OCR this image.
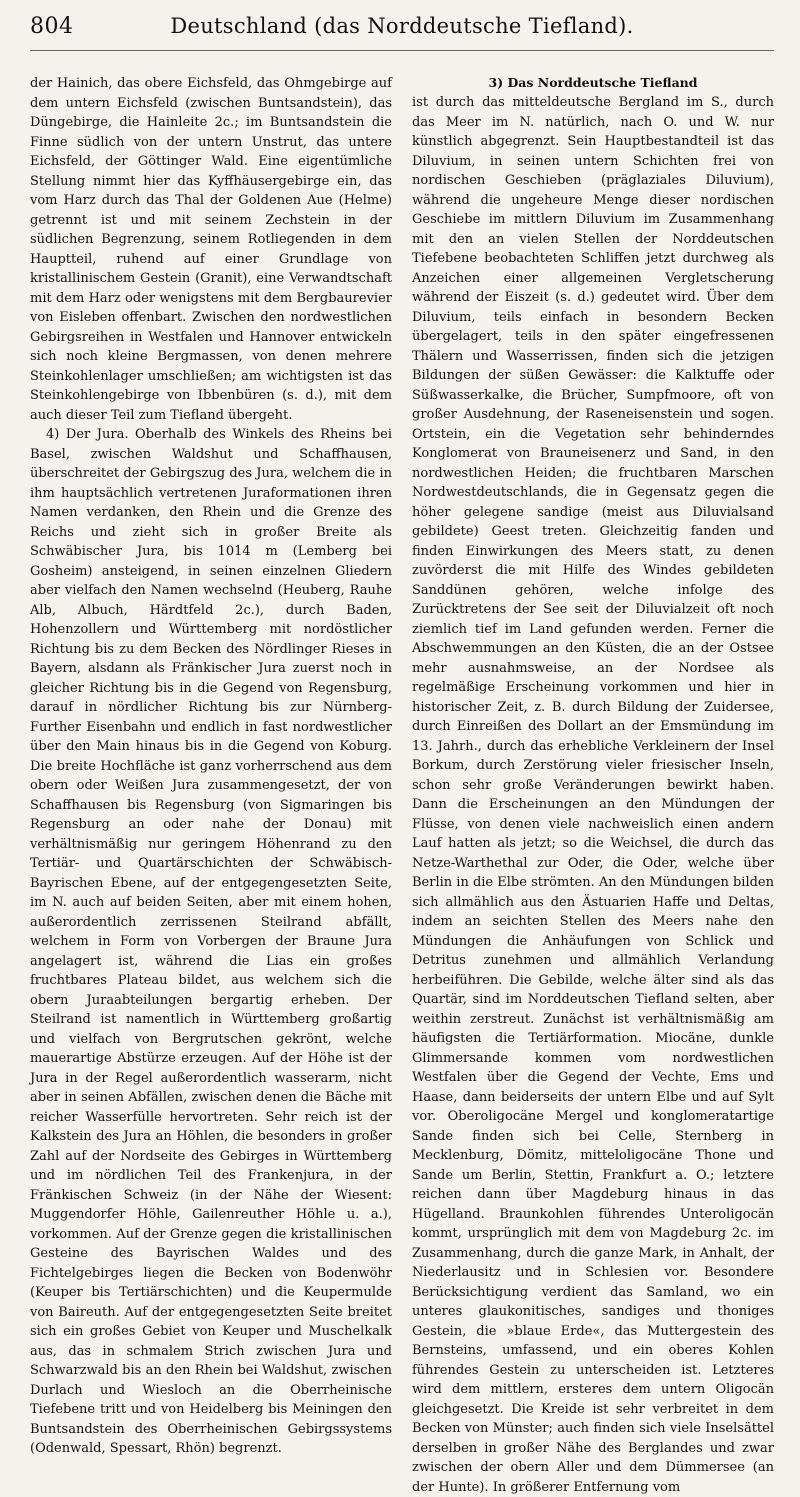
804	Deutschland (das Norddeutsche Tiefland).

der Hainich, das obere Eichsfeld, das Ohmgebirge auf dem untern Eichsfeld (zwischen Buntsandstein), das Düngebirge, die Hainleite 2c.; im Buntsandstein die Finne südlich von der untern Unstrut, das untere Eichsfeld, der Göttinger Wald. Eine eigentümliche Stellung nimmt hier das Kyffhäusergebirge ein, das vom Harz durch das Thal der Goldenen Aue (Helme) getrennt ist und mit seinem Zechstein in der südlichen Begrenzung, seinem Rotliegenden in dem Hauptteil, ruhend auf einer Grundlage von kristallinischem Gestein (Granit), eine Verwandtschaft mit dem Harz oder wenigstens mit dem Bergbaurevier von Eisleben offenbart. Zwischen den nordwestlichen Gebirgsreihen in Westfalen und Hannover entwickeln sich noch kleine Bergmassen, von denen mehrere Steinkohlenlager umschließen; am wichtigsten ist das Steinkohlengebirge von Ibbenbüren (s. d.), mit dem auch dieser Teil zum Tiefland übergeht.

4) Der Jura. Oberhalb des Winkels des Rheins bei Basel, zwischen Waldshut und Schaffhausen, überschreitet der Gebirgszug des Jura, welchem die in ihm hauptsächlich vertretenen Juraformationen ihren Namen verdanken, den Rhein und die Grenze des Reichs und zieht sich in großer Breite als Schwäbischer Jura, bis 1014 m (Lemberg bei Gosheim) ansteigend, in seinen einzelnen Gliedern aber vielfach den Namen wechselnd (Heuberg, Rauhe Alb, Albuch, Härdtfeld 2c.), durch Baden, Hohenzollern und Württemberg mit nordöstlicher Richtung bis zu dem Becken des Nördlinger Rieses in Bayern, alsdann als Fränkischer Jura zuerst noch in gleicher Richtung bis in die Gegend von Regensburg, darauf in nördlicher Richtung bis zur Nürnberg-Further Eisenbahn und endlich in fast nordwestlicher über den Main hinaus bis in die Gegend von Koburg. Die breite Hochfläche ist ganz vorherrschend aus dem obern oder Weißen Jura zusammengesetzt, der von Schaffhausen bis Regensburg (von Sigmaringen bis Regensburg an oder nahe der Donau) mit verhältnismäßig nur geringem Höhenrand zu den Tertiär- und Quartärschichten der Schwäbisch-Bayrischen Ebene, auf der entgegengesetzten Seite, im N. auch auf beiden Seiten, aber mit einem hohen, außerordentlich zerrissenen Steilrand abfällt, welchem in Form von Vorbergen der Braune Jura angelagert ist, während die Lias ein großes fruchtbares Plateau bildet, aus welchem sich die obern Juraabteilungen bergartig erheben. Der Steilrand ist namentlich in Württemberg großartig und vielfach von Bergrutschen gekrönt, welche mauerartige Abstürze erzeugen. Auf der Höhe ist der Jura in der Regel außerordentlich wasserarm, nicht aber in seinen Abfällen, zwischen denen die Bäche mit reicher Wasserfülle hervortreten. Sehr reich ist der Kalkstein des Jura an Höhlen, die besonders in großer Zahl auf der Nordseite des Gebirges in Württemberg und im nördlichen Teil des Frankenjura, in der Fränkischen Schweiz (in der Nähe der Wiesent: Muggendorfer Höhle, Gailenreuther Höhle u. a.), vorkommen. Auf der Grenze gegen die kristallinischen Gesteine des Bayrischen Waldes und des Fichtelgebirges liegen die Becken von Bodenwöhr (Keuper bis Tertiärschichten) und die Keupermulde von Baireuth. Auf der entgegengesetzten Seite breitet sich ein großes Gebiet von Keuper und Muschelkalk aus, das in schmalem Strich zwischen Jura und Schwarzwald bis an den Rhein bei Waldshut, zwischen Durlach und Wiesloch an die Oberrheinische Tiefebene tritt und von Heidelberg bis Meiningen den Buntsandstein des Oberrheinischen Gebirgssystems (Odenwald, Spessart, Rhön) begrenzt.

3) Das Norddeutsche Tiefland

ist durch das mitteldeutsche Bergland im S., durch das Meer im N. natürlich, nach O. und W. nur künstlich abgegrenzt. Sein Hauptbestandteil ist das Diluvium, in seinen untern Schichten frei von nordischen Geschieben (präglaziales Diluvium), während die ungeheure Menge dieser nordischen Geschiebe im mittlern Diluvium im Zusammenhang mit den an vielen Stellen der Norddeutschen Tiefebene beobachteten Schliffen jetzt durchweg als Anzeichen einer allgemeinen Vergletscherung während der Eiszeit (s. d.) gedeutet wird. Über dem Diluvium, teils einfach in besondern Becken übergelagert, teils in den später eingefressenen Thälern und Wasserrissen, finden sich die jetzigen Bildungen der süßen Gewässer: die Kalktuffe oder Süßwasserkalke, die Brücher, Sumpfmoore, oft von großer Ausdehnung, der Raseneisenstein und sogen. Ortstein, ein die Vegetation sehr behinderndes Konglomerat von Brauneisenerz und Sand, in den nordwestlichen Heiden; die fruchtbaren Marschen Nordwestdeutschlands, die in Gegensatz gegen die höher gelegene sandige (meist aus Diluvialsand gebildete) Geest treten. Gleichzeitig fanden und finden Einwirkungen des Meers statt, zu denen zuvörderst die mit Hilfe des Windes gebildeten Sanddünen gehören, welche infolge des Zurücktretens der See seit der Diluvialzeit oft noch ziemlich tief im Land gefunden werden. Ferner die Abschwemmungen an den Küsten, die an der Ostsee mehr ausnahmsweise, an der Nordsee als regelmäßige Erscheinung vorkommen und hier in historischer Zeit, z. B. durch Bildung der Zuidersee, durch Einreißen des Dollart an der Emsmündung im 13. Jahrh., durch das erhebliche Verkleinern der Insel Borkum, durch Zerstörung vieler friesischer Inseln, schon sehr große Veränderungen bewirkt haben. Dann die Erscheinungen an den Mündungen der Flüsse, von denen viele nachweislich einen andern Lauf hatten als jetzt; so die Weichsel, die durch das Netze-Warthethal zur Oder, die Oder, welche über Berlin in die Elbe strömten. An den Mündungen bilden sich allmählich aus den Ästuarien Haffe und Deltas, indem an seichten Stellen des Meers nahe den Mündungen die Anhäufungen von Schlick und Detritus zunehmen und allmählich Verlandung herbeiführen. Die Gebilde, welche älter sind als das Quartär, sind im Norddeutschen Tiefland selten, aber weithin zerstreut. Zunächst ist verhältnismäßig am häufigsten die Tertiärformation. Miocäne, dunkle Glimmersande kommen vom nordwestlichen Westfalen über die Gegend der Vechte, Ems und Haase, dann beiderseits der untern Elbe und auf Sylt vor. Oberoligocäne Mergel und konglomeratartige Sande finden sich bei Celle, Sternberg in Mecklenburg, Dömitz, mitteloligocäne Thone und Sande um Berlin, Stettin, Frankfurt a. O.; letztere reichen dann über Magdeburg hinaus in das Hügelland. Braunkohlen führendes Unteroligocän kommt, ursprünglich mit dem von Magdeburg 2c. im Zusammenhang, durch die ganze Mark, in Anhalt, der Niederlausitz und in Schlesien vor. Besondere Berücksichtigung verdient das Samland, wo ein unteres glaukonitisches, sandiges und thoniges Gestein, die »blaue Erde«, das Muttergestein des Bernsteins, umfassend, und ein oberes Kohlen führendes Gestein zu unterscheiden ist. Letzteres wird dem mittlern, ersteres dem untern Oligocän gleichgesetzt. Die Kreide ist sehr verbreitet in dem Becken von Münster; auch finden sich viele Inselsättel derselben in großer Nähe des Berglandes und zwar zwischen der obern Aller und dem Dümmersee (an der Hunte). In größerer Entfernung vom
